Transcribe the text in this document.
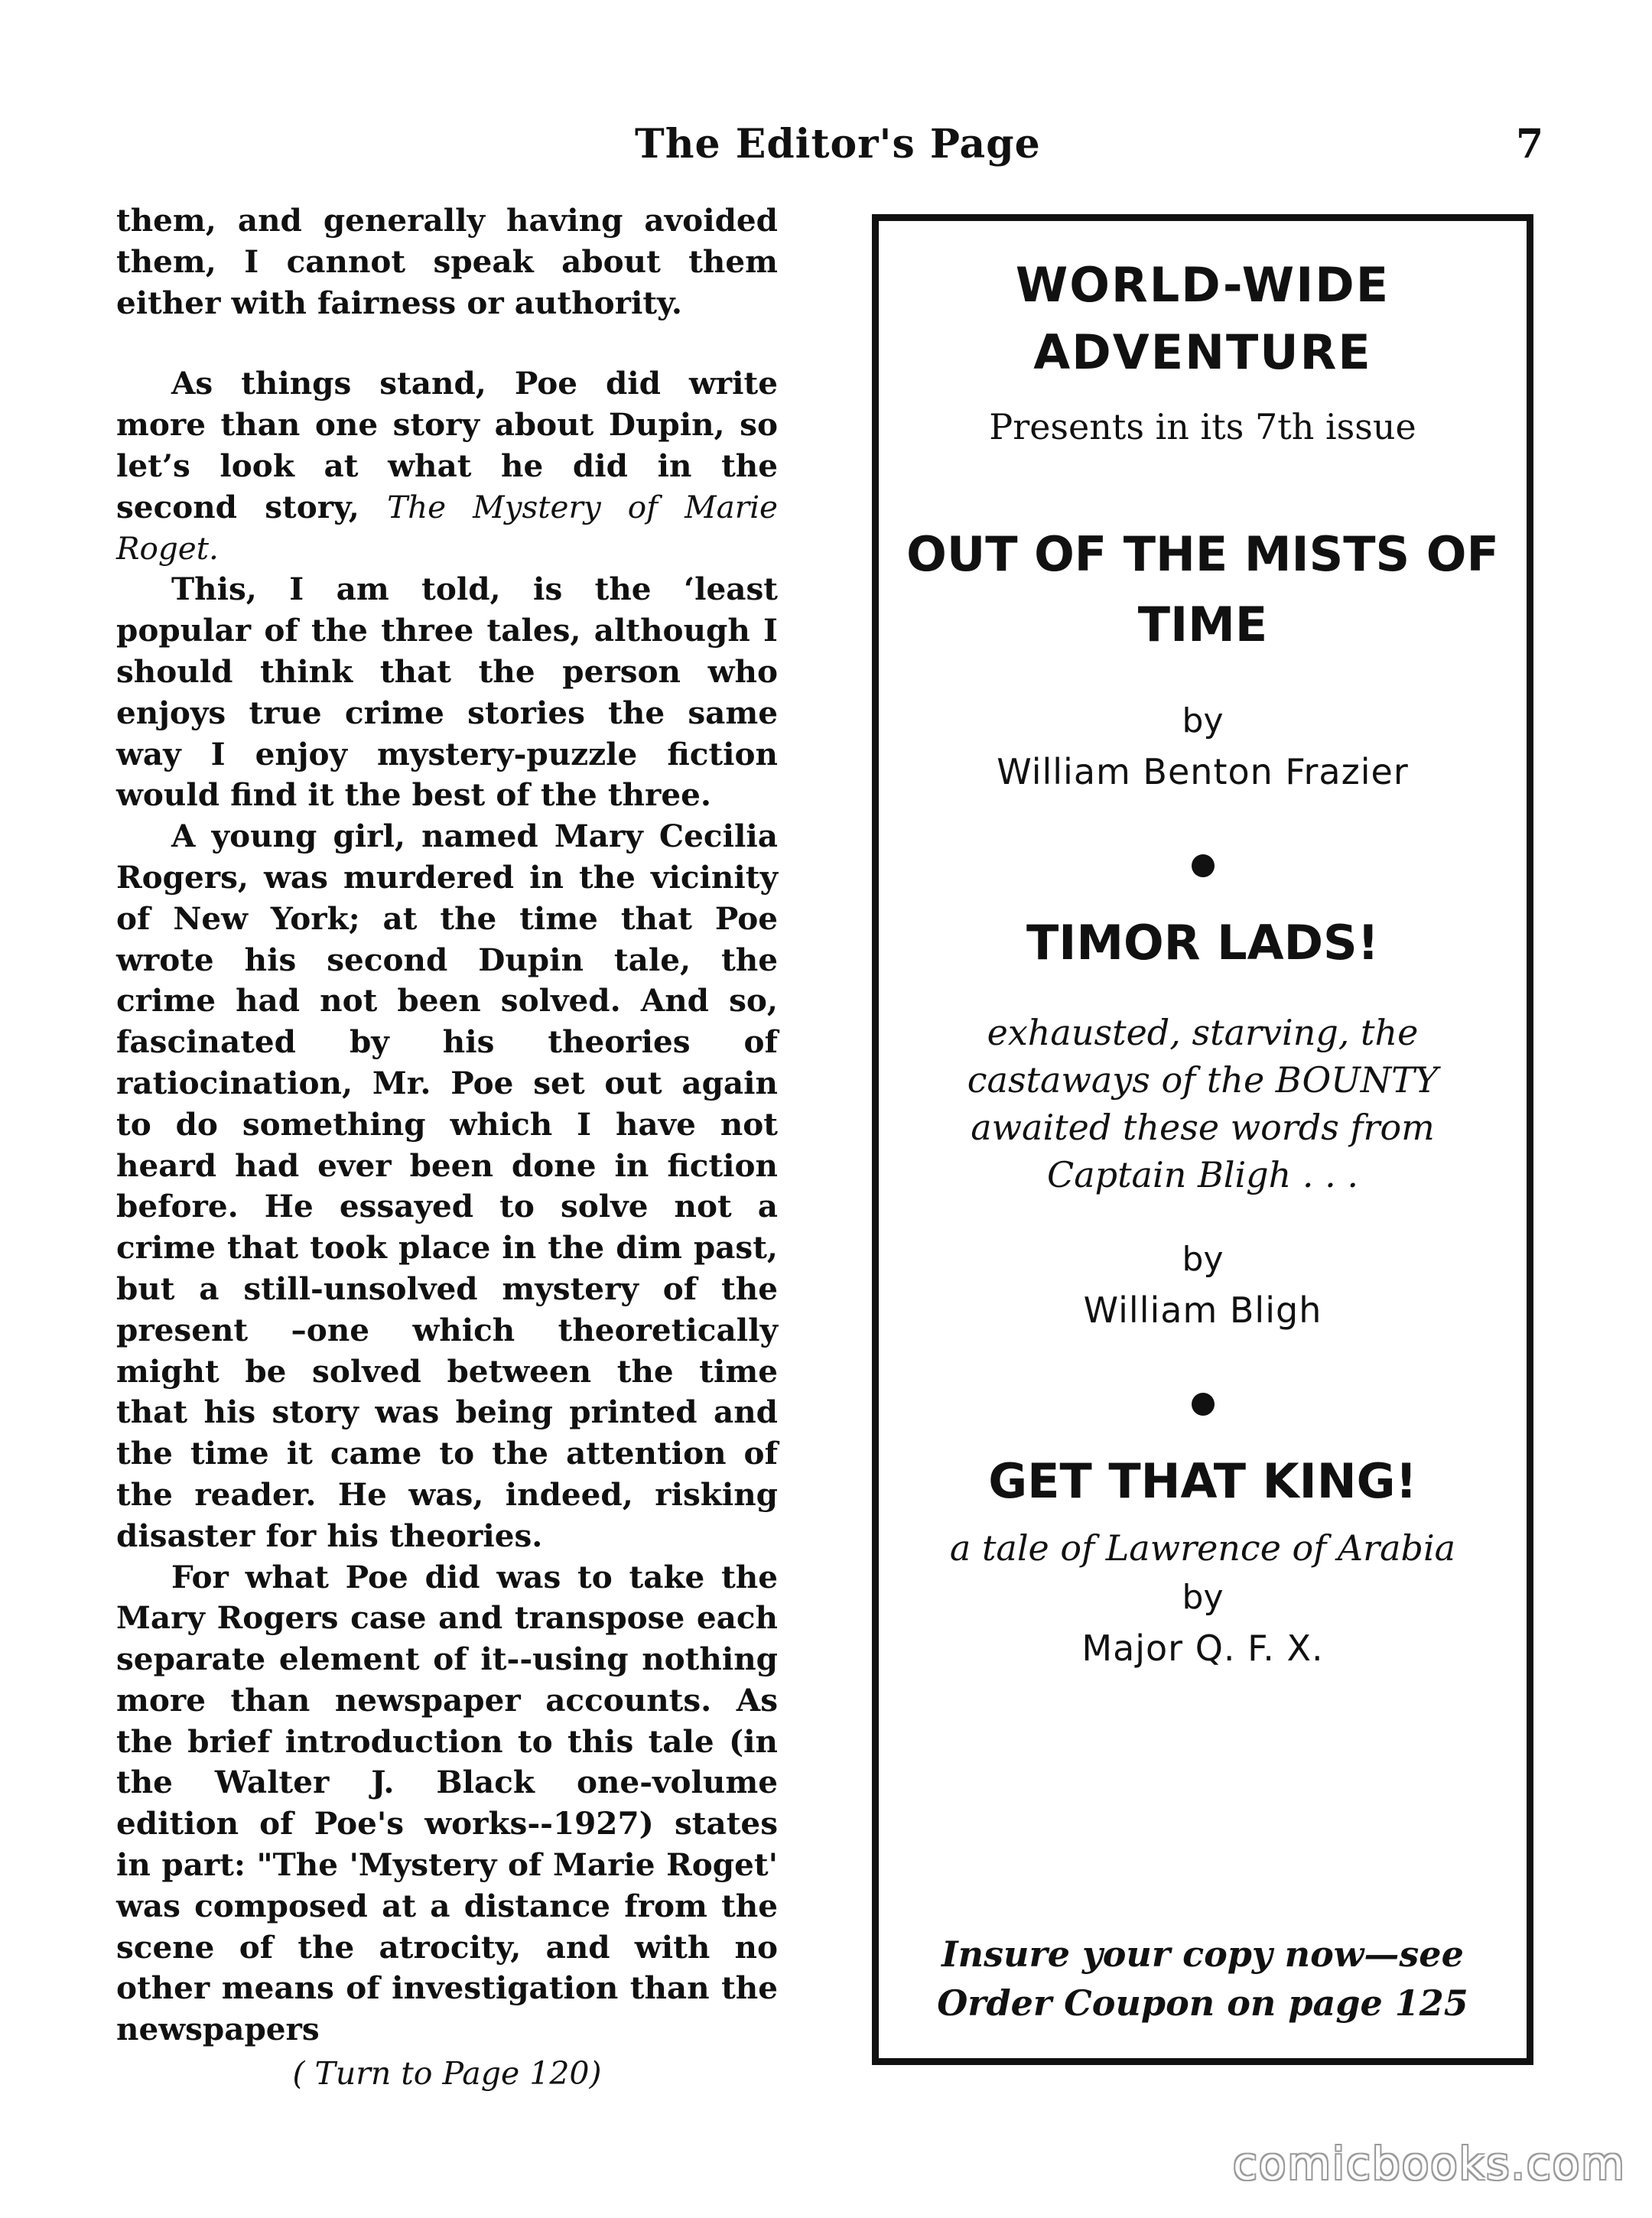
The Editor's Page	7

them, and generally having avoided them, I cannot speak about them either with fairness or authority.

As things stand, Poe did write more than one story about Dupin, so let’s look at what he did in the second story, The Mystery of Marie Roget.

This, I am told, is the ‘least popular of the three tales, although I should think that the person who enjoys true crime stories the same way I enjoy mystery-puzzle fiction would find it the best of the three.

A young girl, named Mary Cecilia Rogers, was murdered in the vicinity of New York; at the time that Poe wrote his second Dupin tale, the crime had not been solved. And so, fascinated by his theories of ratiocination, Mr. Poe set out again to do something which I have not heard had ever been done in fiction before. He essayed to solve not a crime that took place in the dim past, but a still-unsolved mystery of the present –one which theoretically might be solved between the time that his story was being printed and the time it came to the attention of the reader. He was, indeed, risking disaster for his theories.

For what Poe did was to take the Mary Rogers case and transpose each separate element of it--using nothing more than newspaper accounts. As the brief introduction to this tale (in the Walter J. Black one-volume edition of Poe's works--1927) states in part: "The 'Mystery of Marie Roget' was composed at a distance from the scene of the atrocity, and with no other means of investigation than the newspapers

( Turn to Page 120)
WORLD-WIDE ADVENTURE
Presents in its 7th issue
OUT OF THE MISTS OF TIME
by
William Benton Frazier
TIMOR LADS!
exhausted, starving, the castaways of the BOUNTY awaited these words from Captain Bligh . . .
by
William Bligh
GET THAT KING!
a tale of Lawrence of Arabia
by
Major Q. F. X.
Insure your copy now—see Order Coupon on page 125
comicbooks.com
